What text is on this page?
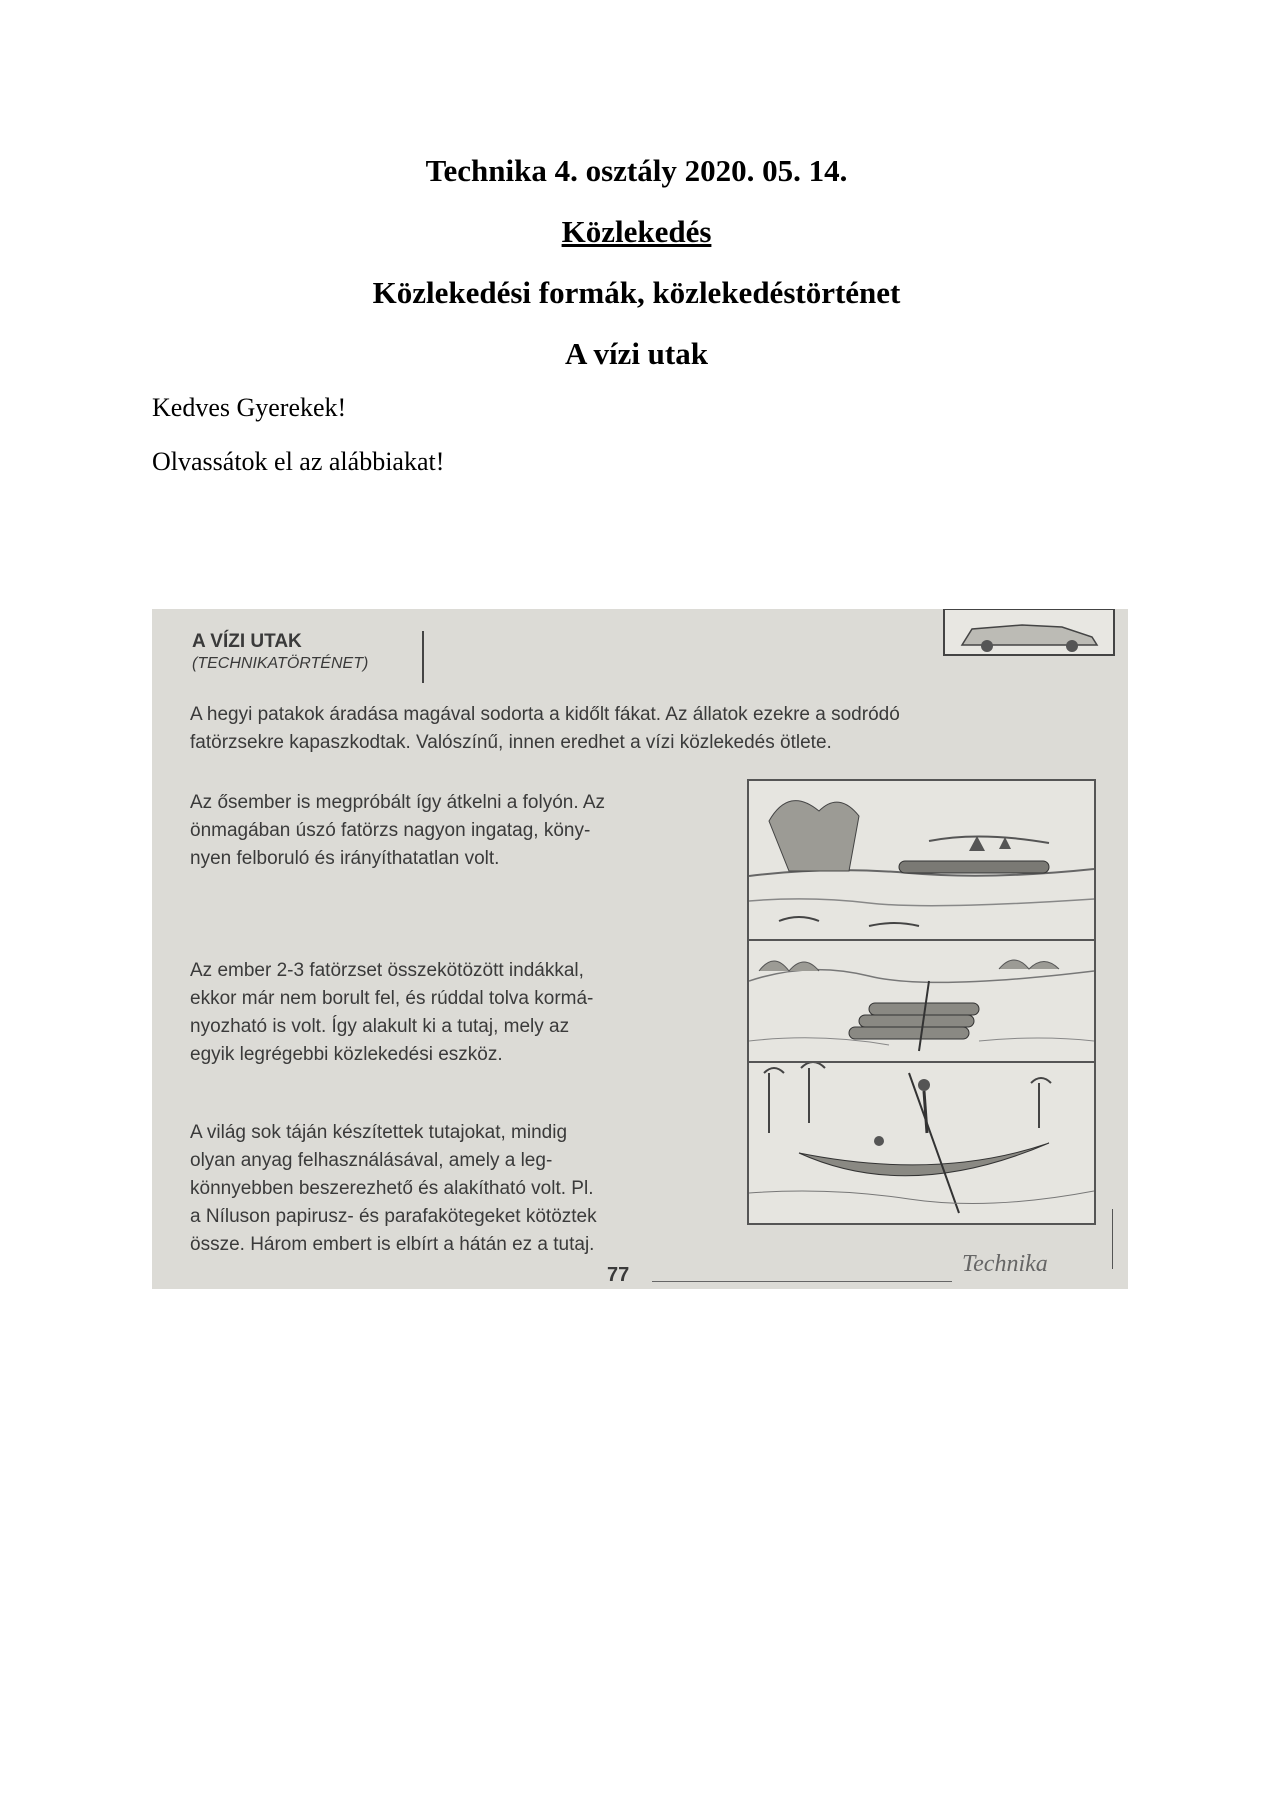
Technika 4. osztály 2020. 05. 14.
Közlekedés
Közlekedési formák, közlekedéstörténet
A vízi utak
Kedves Gyerekek!
Olvassátok el az alábbiakat!
A VÍZI UTAK
(TECHNIKATÖRTÉNET)
A hegyi patakok áradása magával sodorta a kidőlt fákat. Az állatok ezekre a sodródó
fatörzsekre kapaszkodtak. Valószínű, innen eredhet a vízi közlekedés ötlete.
Az ősember is megpróbált így átkelni a folyón. Az
önmagában úszó fatörzs nagyon ingatag, köny-
nyen felboruló és irányíthatatlan volt.
Az ember 2-3 fatörzset összekötözött indákkal,
ekkor már nem borult fel, és rúddal tolva kormá-
nyozható is volt. Így alakult ki a tutaj, mely az
egyik legrégebbi közlekedési eszköz.
A világ sok táján készítettek tutajokat, mindig
olyan anyag felhasználásával, amely a leg-
könnyebben beszerezhető és alakítható volt. Pl.
a Níluson papirusz- és parafakötegeket kötöztek
össze. Három embert is elbírt a hátán ez a tutaj.
77	Technika
